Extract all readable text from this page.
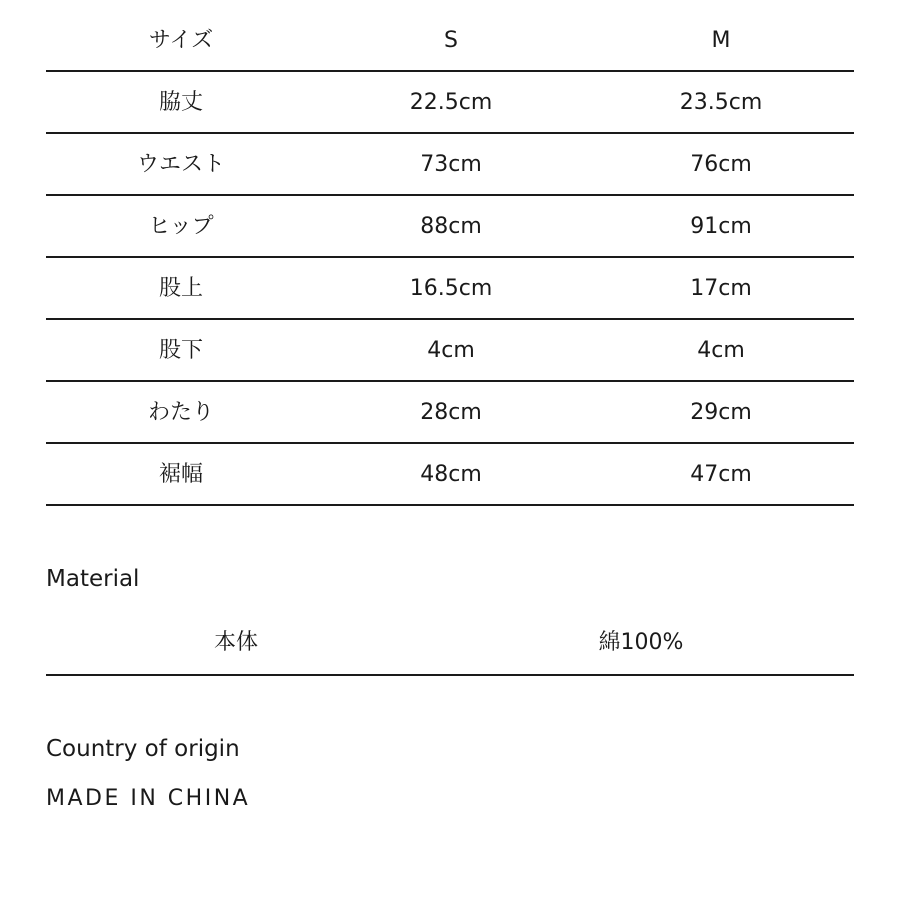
サイズ	S	M
脇丈	22.5cm	23.5cm
ウエスト	73cm	76cm
ヒップ	88cm	91cm
股上	16.5cm	17cm
股下	4cm	4cm
わたり	28cm	29cm
裾幅	48cm	47cm
Material
本体	綿100%
Country of origin
MADE IN CHINA
